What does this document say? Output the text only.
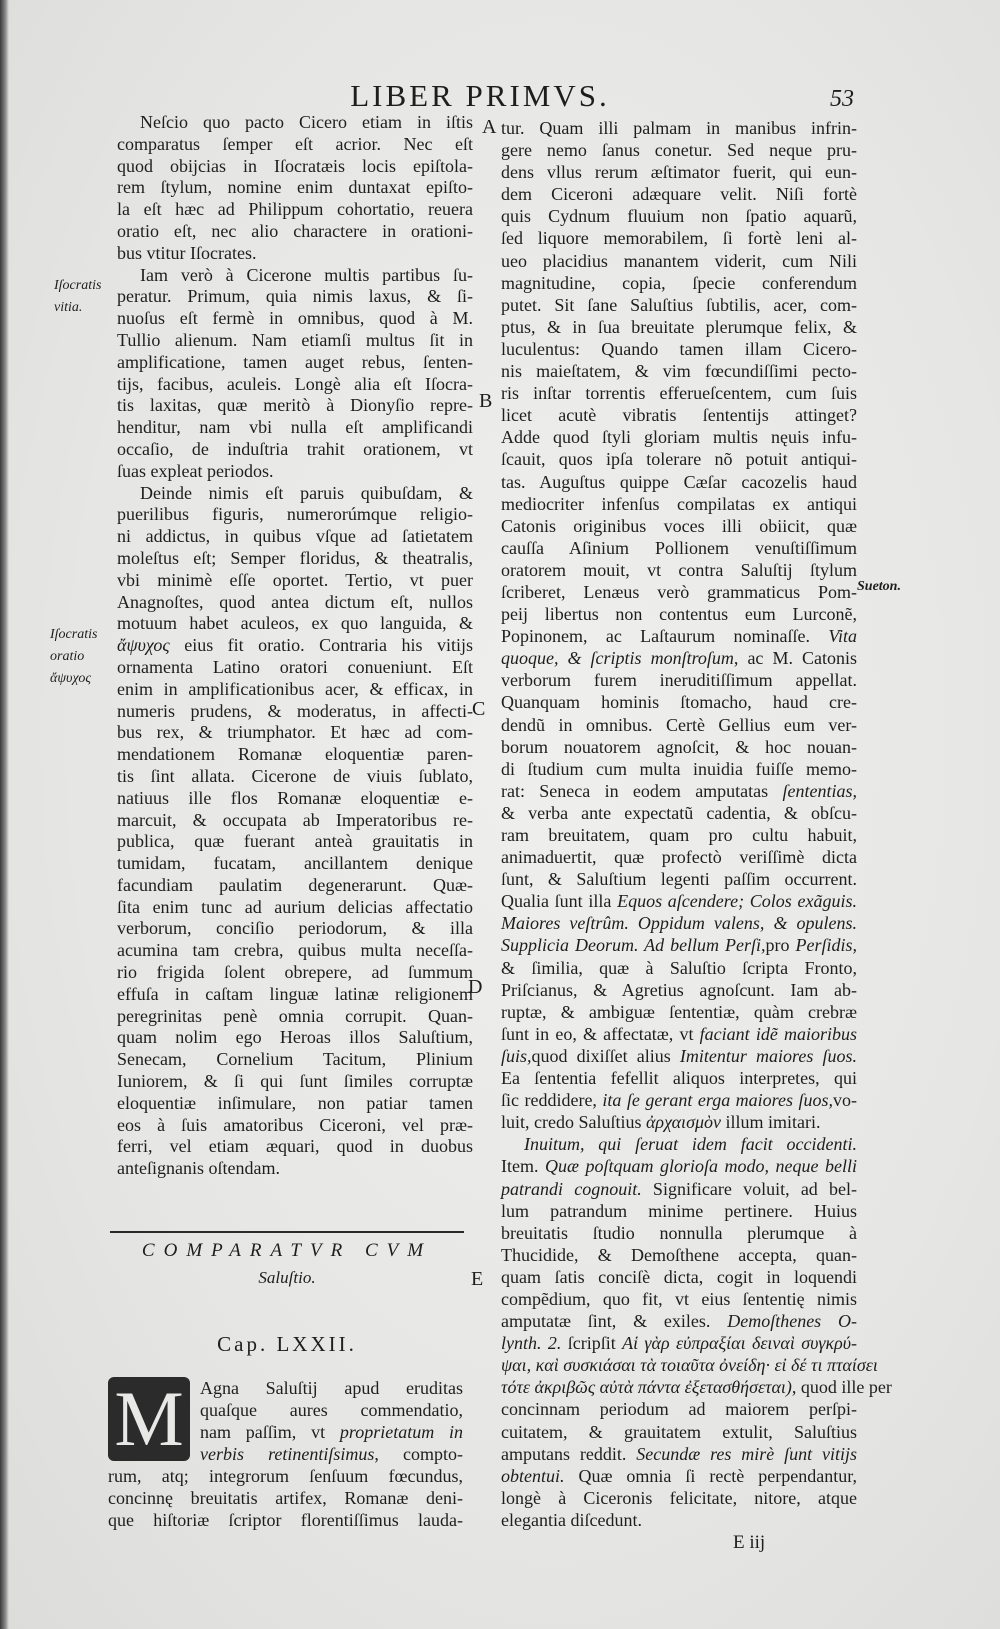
LIBER PRIMVS.	53
A
B
C
D
E
Iſocratis
vitia.
Iſocratis
oratio
ἄψυχος
Sueton.
Neſcio quo pacto Cicero etiam in iſtis
comparatus ſemper eſt acrior. Nec eſt
quod obijcias in Iſocratæis locis epiſtola-
rem ſtylum, nomine enim duntaxat epiſto-
la eſt hæc ad Philippum cohortatio, reuera
oratio eſt, nec alio charactere in orationi-
bus vtitur Iſocrates.
Iam verò à Cicerone multis partibus ſu-
peratur. Primum, quia nimis laxus, & ſi-
nuoſus eſt fermè in omnibus, quod à M.
Tullio alienum. Nam etiamſi multus ſit in
amplificatione, tamen auget rebus, ſenten-
tijs, facibus, aculeis. Longè alia eſt Iſocra-
tis laxitas, quæ meritò à Dionyſio repre-
henditur, nam vbi nulla eſt amplificandi
occaſio, de induſtria trahit orationem, vt
ſuas expleat periodos.
Deinde nimis eſt paruis quibuſdam, &
puerilibus figuris, numerorúmque religio-
ni addictus, in quibus vſque ad ſatietatem
moleſtus eſt; Semper floridus, & theatralis,
vbi minimè eſſe oportet. Tertio, vt puer
Anagnoſtes, quod antea dictum eſt, nullos
motuum habet aculeos, ex quo languida, &
ἄψυχος eius fit oratio. Contraria his vitijs
ornamenta Latino oratori conueniunt. Eſt
enim in amplificationibus acer, & efficax, in
numeris prudens, & moderatus, in affecti-
bus rex, & triumphator. Et hæc ad com-
mendationem Romanæ eloquentiæ paren-
tis ſint allata. Cicerone de viuis ſublato,
natiuus ille flos Romanæ eloquentiæ e-
marcuit, & occupata ab Imperatoribus re-
publica, quæ fuerant anteà grauitatis in
tumidam, fucatam, ancillantem denique
facundiam paulatim degenerarunt. Quæ-
ſita enim tunc ad aurium delicias affectatio
verborum, conciſio periodorum, & illa
acumina tam crebra, quibus multa neceſſa-
rio frigida ſolent obrepere, ad ſummum
effuſa in caſtam linguæ latinæ religionem
peregrinitas penè omnia corrupit. Quan-
quam nolim ego Heroas illos Saluſtium,
Senecam, Cornelium Tacitum, Plinium
Iuniorem, & ſi qui ſunt ſimiles corruptæ
eloquentiæ inſimulare, non patiar tamen
eos à ſuis amatoribus Ciceroni, vel præ-
ferri, vel etiam æquari, quod in duobus
anteſignanis oſtendam.
tur. Quam illi palmam in manibus infrin-
gere nemo ſanus conetur. Sed neque pru-
dens vllus rerum æſtimator fuerit, qui eun-
dem Ciceroni adæquare velit. Niſi fortè
quis Cydnum fluuium non ſpatio aquarũ,
ſed liquore memorabilem, ſi fortè leni al-
ueo placidius manantem viderit, cum Nili
magnitudine, copia, ſpecie conferendum
putet. Sit ſane Saluſtius ſubtilis, acer, com-
ptus, & in ſua breuitate plerumque felix, &
luculentus: Quando tamen illam Cicero-
nis maieſtatem, & vim fœcundiſſimi pecto-
ris inſtar torrentis efferueſcentem, cum ſuis
licet acutè vibratis ſententijs attinget?
Adde quod ſtyli gloriam multis nęuis infu-
ſcauit, quos ipſa tolerare nõ potuit antiqui-
tas. Auguſtus quippe Cæſar cacozelis haud
mediocriter infenſus compilatas ex antiqui
Catonis originibus voces illi obiicit, quæ
cauſſa Aſinium Pollionem venuſtiſſimum
oratorem mouit, vt contra Saluſtij ſtylum
ſcriberet, Lenæus verò grammaticus Pom-
peij libertus non contentus eum Lurconẽ,
Popinonem, ac Laſtaurum nominaſſe. Vita
quoque, & ſcriptis monſtroſum, ac M. Catonis
verborum furem ineruditiſſimum appellat.
Quanquam hominis ſtomacho, haud cre-
dendũ in omnibus. Certè Gellius eum ver-
borum nouatorem agnoſcit, & hoc nouan-
di ſtudium cum multa inuidia fuiſſe memo-
rat: Seneca in eodem amputatas ſententias,
& verba ante expectatũ cadentia, & obſcu-
ram breuitatem, quam pro cultu habuit,
animaduertit, quæ profectò veriſſimè dicta
ſunt, & Saluſtium legenti paſſim occurrent.
Qualia ſunt illa Equos aſcendere; Colos exãguis.
Maiores veſtrûm. Oppidum valens, & opulens.
Supplicia Deorum. Ad bellum Perſi,pro Perſidis,
& ſimilia, quæ à Saluſtio ſcripta Fronto,
Priſcianus, & Agretius agnoſcunt. Iam ab-
ruptæ, & ambiguæ ſententiæ, quàm crebræ
ſunt in eo, & affectatæ, vt faciant idẽ maioribus
ſuis,quod dixiſſet alius Imitentur maiores ſuos.
Ea ſententia fefellit aliquos interpretes, qui
ſic reddidere, ita ſe gerant erga maiores ſuos,vo-
luit, credo Saluſtius ἀρχαισμὸν illum imitari.
Inuitum, qui ſeruat idem facit occidenti.
Item. Quæ poſtquam glorioſa modo, neque belli
patrandi cognouit. Significare voluit, ad bel-
lum patrandum minime pertinere. Huius
breuitatis ſtudio nonnulla plerumque à
Thucidide, & Demoſthene accepta, quan-
quam ſatis conciſè dicta, cogit in loquendi
compẽdium, quo fit, vt eius ſententię nimis
amputatæ ſint, & exiles. Demoſthenes O-
lynth. 2. ſcripſit Αἱ γὰρ εὐπραξίαι δειναὶ συγκρύ-
ψαι, καὶ συσκιάσαι τὰ τοιαῦτα ὀνείδη· εἰ δέ τι πταίσει
τότε ἀκριβῶς αὐτὰ πάντα ἐξετασθήσεται), quod ille per
concinnam periodum ad maiorem perſpi-
cuitatem, & grauitatem extulit, Saluſtius
amputans reddit. Secundæ res mirè ſunt vitijs
obtentui. Quæ omnia ſi rectè perpendantur,
longè à Ciceronis felicitate, nitore, atque
elegantia diſcedunt.
COMPARATVR CVM
Saluſtio.
Cap. LXXII.
M Agna Saluſtij apud eruditas
quaſque aures commendatio,
nam paſſim, vt proprietatum in
verbis retinentiſsimus, compto-
rum, atq; integrorum ſenſuum fœcundus,
concinnę breuitatis artifex, Romanæ deni-
que hiſtoriæ ſcriptor florentiſſimus lauda-
E iij
